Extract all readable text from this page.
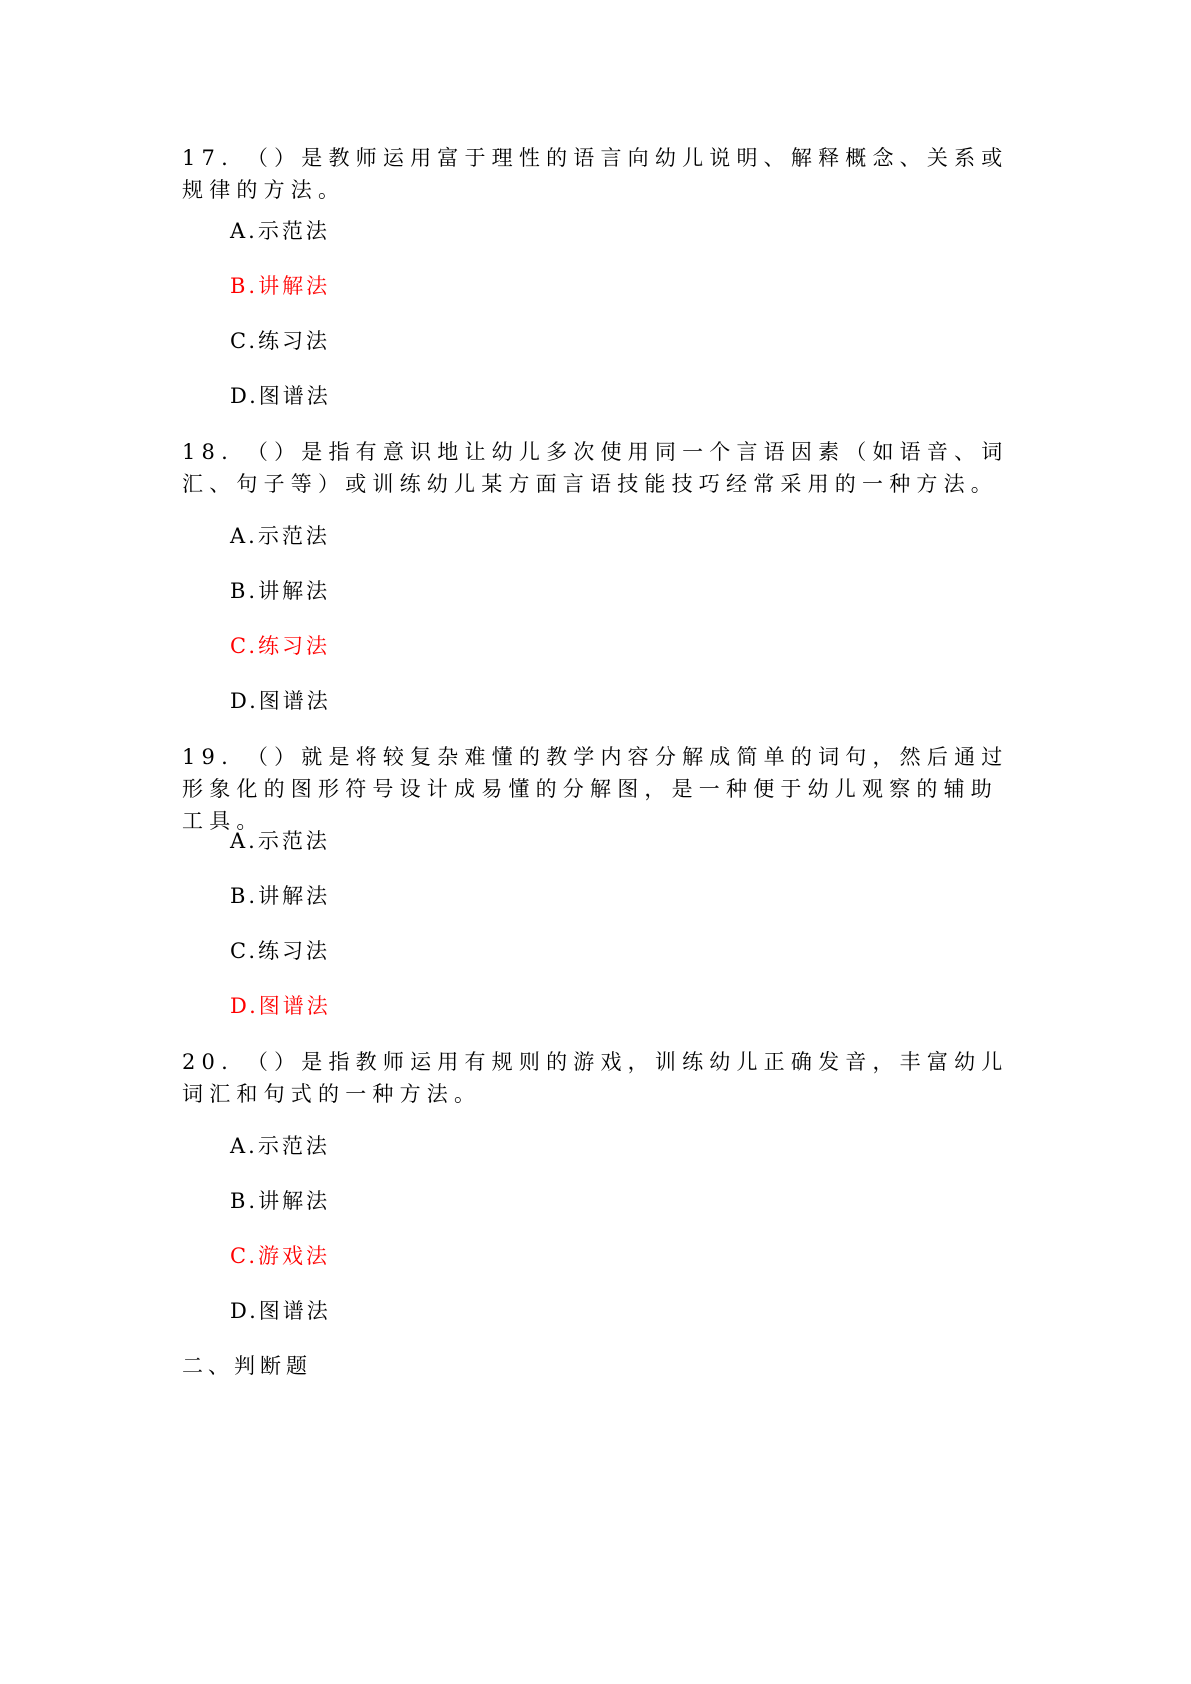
17. （）是教师运用富于理性的语言向幼儿说明、解释概念、关系或规律的方法。
A.示范法
B.讲解法
C.练习法
D.图谱法
18. （）是指有意识地让幼儿多次使用同一个言语因素（如语音、词汇、句子等）或训练幼儿某方面言语技能技巧经常采用的一种方法。
A.示范法
B.讲解法
C.练习法
D.图谱法
19. （）就是将较复杂难懂的教学内容分解成简单的词句，然后通过形象化的图形符号设计成易懂的分解图，是一种便于幼儿观察的辅助工具。
A.示范法
B.讲解法
C.练习法
D.图谱法
20. （）是指教师运用有规则的游戏，训练幼儿正确发音，丰富幼儿词汇和句式的一种方法。
A.示范法
B.讲解法
C.游戏法
D.图谱法
二、判断题
